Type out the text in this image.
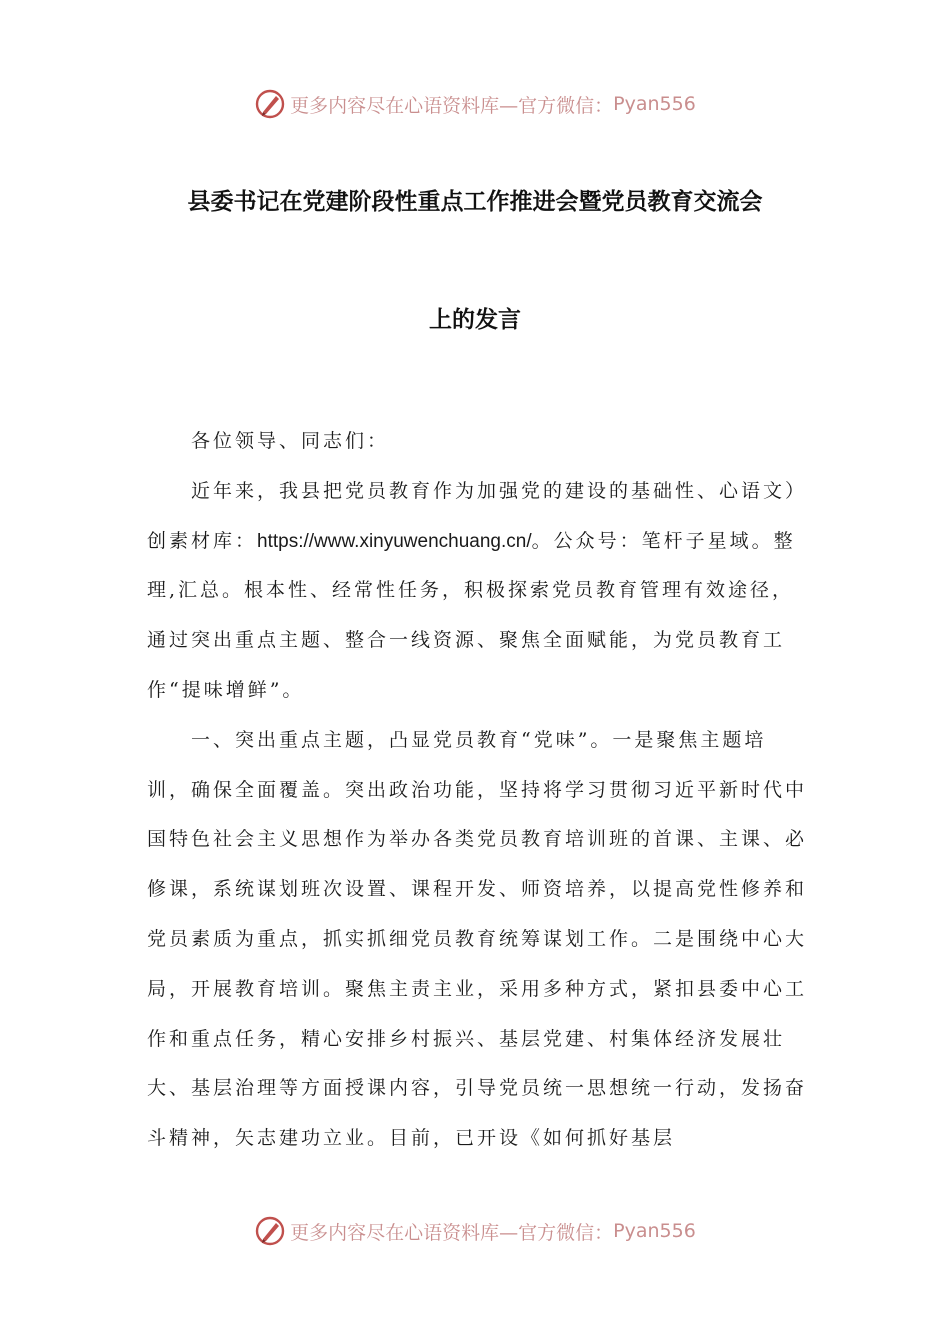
更多内容尽在心语资料库—官方微信： Pyan556
县委书记在党建阶段性重点工作推进会暨党员教育交流会
上的发言

各位领导、同志们：

近年来，我县把党员教育作为加强党的建设的基础性、心语文）创素材库：https://www.xinyuwenchuang.cn/。公众号：笔杆子星域。整理,汇总。根本性、经常性任务，积极探索党员教育管理有效途径，通过突出重点主题、整合一线资源、聚焦全面赋能，为党员教育工作“提味增鲜”。

一、突出重点主题，凸显党员教育“党味”。一是聚焦主题培训，确保全面覆盖。突出政治功能，坚持将学习贯彻习近平新时代中国特色社会主义思想作为举办各类党员教育培训班的首课、主课、必修课，系统谋划班次设置、课程开发、师资培养，以提高党性修养和党员素质为重点，抓实抓细党员教育统筹谋划工作。二是围绕中心大局，开展教育培训。聚焦主责主业，采用多种方式，紧扣县委中心工作和重点任务，精心安排乡村振兴、基层党建、村集体经济发展壮大、基层治理等方面授课内容，引导党员统一思想统一行动，发扬奋斗精神，矢志建功立业。目前，已开设《如何抓好基层

更多内容尽在心语资料库—官方微信： Pyan556
